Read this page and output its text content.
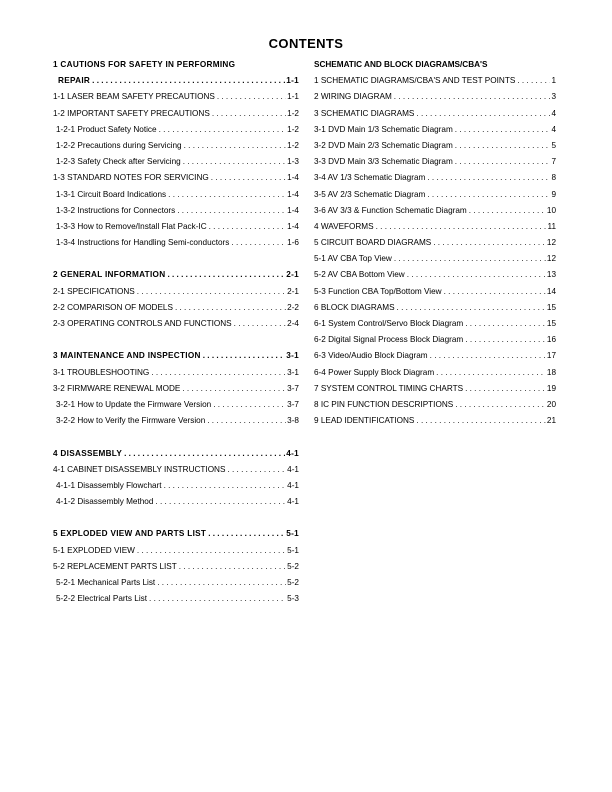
CONTENTS
1 CAUTIONS FOR SAFETY IN PERFORMING
REPAIR . . .	1-1
1-1 LASER BEAM SAFETY PRECAUTIONS . . .	1-1
1-2 IMPORTANT SAFETY PRECAUTIONS . . .	1-2
1-2-1 Product Safety Notice . . .	1-2
1-2-2 Precautions during Servicing . . .	1-2
1-2-3 Safety Check after Servicing . . .	1-3
1-3 STANDARD NOTES FOR SERVICING . . .	1-4
1-3-1 Circuit Board Indications . . .	1-4
1-3-2 Instructions for Connectors . . .	1-4
1-3-3 How to Remove/Install Flat Pack-IC . . .	1-4
1-3-4 Instructions for Handling Semi-conductors . . .	1-6
2 GENERAL INFORMATION . . .	2-1
2-1 SPECIFICATIONS . . .	2-1
2-2 COMPARISON OF MODELS . . .	2-2
2-3 OPERATING CONTROLS AND FUNCTIONS . . .	2-4
3 MAINTENANCE AND INSPECTION . . .	3-1
3-1 TROUBLESHOOTING . . .	3-1
3-2 FIRMWARE RENEWAL MODE . . .	3-7
3-2-1 How to Update the Firmware Version . . .	3-7
3-2-2 How to Verify the Firmware Version . . .	3-8
4 DISASSEMBLY . . .	4-1
4-1 CABINET DISASSEMBLY INSTRUCTIONS . . .	4-1
4-1-1 Disassembly Flowchart . . .	4-1
4-1-2 Disassembly Method . . .	4-1
5 EXPLODED VIEW AND PARTS LIST . . .	5-1
5-1 EXPLODED VIEW . . .	5-1
5-2 REPLACEMENT PARTS LIST . . .	5-2
5-2-1 Mechanical Parts List . . .	5-2
5-2-2 Electrical Parts List . . .	5-3
SCHEMATIC AND BLOCK DIAGRAMS/CBA'S
1 SCHEMATIC DIAGRAMS/CBA'S AND TEST POINTS . . .	1
2 WIRING DIAGRAM . . .	3
3 SCHEMATIC DIAGRAMS . . .	4
3-1 DVD Main 1/3 Schematic Diagram . . .	4
3-2 DVD Main 2/3 Schematic Diagram . . .	5
3-3 DVD Main 3/3 Schematic Diagram . . .	7
3-4 AV 1/3 Schematic Diagram . . .	8
3-5 AV 2/3 Schematic Diagram . . .	9
3-6 AV 3/3 & Function Schematic Diagram . . .	10
4 WAVEFORMS . . .	11
5 CIRCUIT BOARD DIAGRAMS . . .	12
5-1 AV CBA Top View . . .	12
5-2 AV CBA Bottom View . . .	13
5-3 Function CBA Top/Bottom View . . .	14
6 BLOCK DIAGRAMS . . .	15
6-1 System Control/Servo Block Diagram . . .	15
6-2 Digital Signal Process Block Diagram . . .	16
6-3 Video/Audio Block Diagram . . .	17
6-4 Power Supply Block Diagram . . .	18
7 SYSTEM CONTROL TIMING CHARTS . . .	19
8 IC PIN FUNCTION DESCRIPTIONS . . .	20
9 LEAD IDENTIFICATIONS . . .	21
